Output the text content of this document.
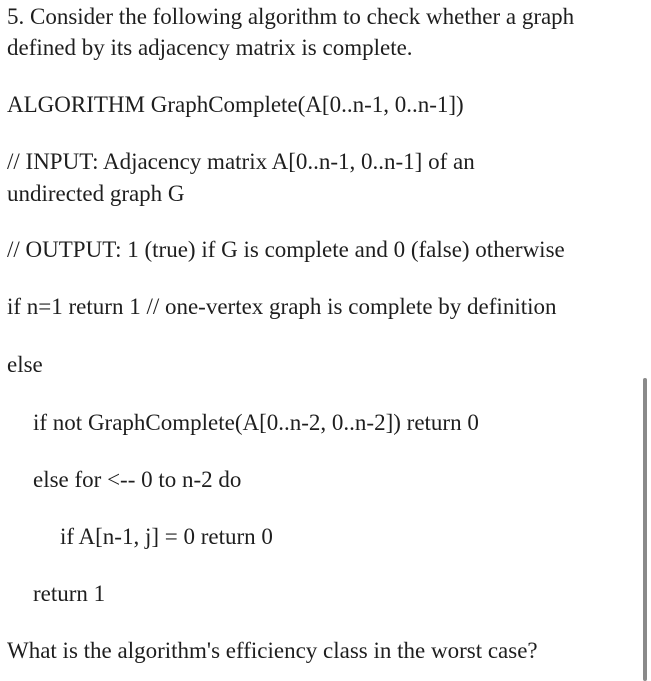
5. Consider the following algorithm to check whether a graph
defined by its adjacency matrix is complete.
ALGORITHM GraphComplete(A[0..n-1, 0..n-1])
// INPUT: Adjacency matrix A[0..n-1, 0..n-1] of an
undirected graph G
// OUTPUT: 1 (true) if G is complete and 0 (false) otherwise
if n=1 return 1 // one-vertex graph is complete by definition
else
if not GraphComplete(A[0..n-2, 0..n-2]) return 0
else for <-- 0 to n-2 do
if A[n-1, j] = 0 return 0
return 1
What is the algorithm's efficiency class in the worst case?
